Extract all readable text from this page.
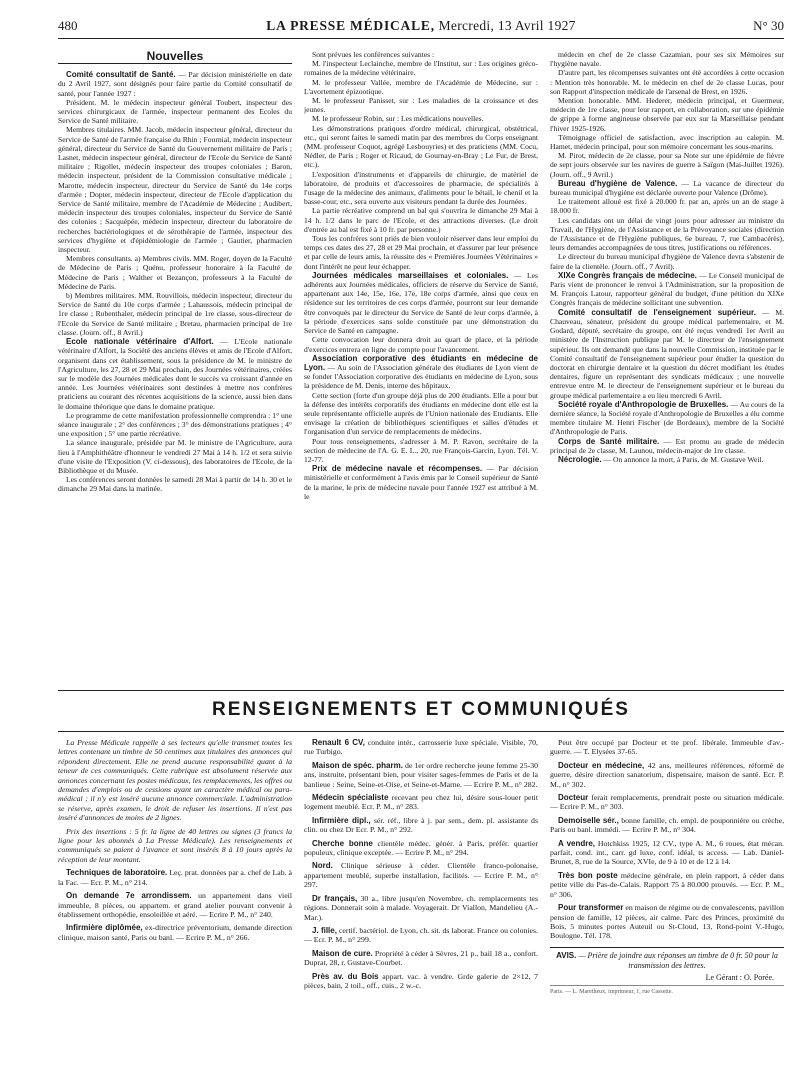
480	LA PRESSE MÉDICALE, Mercredi, 13 Avril 1927	N° 30
Nouvelles

Comité consultatif de Santé. — Par décision ministérielle en date du 2 Avril 1927, sont désignés pour faire partie du Comité consultatif de santé, pour l'année 1927 :

Président. M. le médecin inspecteur général Toubert, inspecteur des services chirurgicaux de l'armée, inspecteur permanent des Ecoles du Service de Santé militaire.

Membres titulaires. MM. Jacob, médecin inspecteur général, directeur du Service de Santé de l'armée française du Rhin ; Fournial, médecin inspecteur général, directeur du Service de Santé du Gouvernement militaire de Paris ; Lasnet, médecin inspecteur général, directeur de l'Ecole du Service de Santé militaire ; Rigollet, médecin inspecteur des troupes coloniales ; Baron, médecin inspecteur, président de la Commission consultative médicale ; Marotte, médecin inspecteur, directeur du Service de Santé du 14e corps d'armée ; Dopter, médecin inspecteur, directeur de l'Ecole d'application du Service de Santé militaire, membre de l'Académie de Médecine ; Audibert, médecin inspecteur des troupes coloniales, inspecteur du Service de Santé des colonies ; Sacquépée, médecin inspecteur, directeur du laboratoire de recherches bactériologiques et de sérothérapie de l'armée, inspecteur des services d'hygiène et d'épidémiologie de l'armée ; Gautier, pharmacien inspecteur.

Membres consultants. a) Membres civils. MM. Roger, doyen de la Faculté de Médecine de Paris ; Quénu, professeur honoraire à la Faculté de Médecine de Paris ; Walther et Bezançon, professeurs à la Faculté de Médecine de Paris.

b) Membres militaires. MM. Rouvillois, médecin inspecteur, directeur du Service de Santé du 10e corps d'armée ; Lahaussois, médecin principal de 1re classe ; Rubenthaler, médecin principal de 1re classe, sous-directeur de l'Ecole du Service de Santé militaire ; Bretau, pharmacien principal de 1re classe. (Journ. off., 8 Avril.)

Ecole nationale vétérinaire d'Alfort. — L'Ecole nationale vétérinaire d'Alfort, la Société des anciens élèves et amis de l'Ecole d'Alfort, organisent dans cet établissement, sous la présidence de M. le ministre de l'Agriculture, les 27, 28 et 29 Mai prochain, des Journées vétérinaires, créées sur le modèle des Journées médicales dont le succès va croissant d'année en année. Les Journées vétérinaires sont destinées à mettre nos confrères praticiens au courant des récentes acquisitions de la science, aussi bien dans le domaine théorique que dans le domaine pratique.

Le programme de cette manifestation professionnelle comprendra : 1° une séance inaugurale ; 2° des conférences ; 3° des démonstrations pratiques ; 4° une exposition ; 5° une partie récréative.

La séance inaugurale, présidée par M. le ministre de l'Agriculture, aura lieu à l'Amphithéâtre d'honneur le vendredi 27 Mai à 14 h. 1/2 et sera suivie d'une visite de l'Exposition (V. ci-dessous), des laboratoires de l'Ecole, de la Bibliothèque et du Musée.

Les conférences seront données le samedi 28 Mai à partir de 14 h. 30 et le dimanche 29 Mai dans la matinée.

Sont prévues les conférences suivantes :

M. l'inspecteur Leclainche, membre de l'Institut, sur : Les origines gréco-romaines de la médecine vétérinaire.

M. le professeur Vallée, membre de l'Académie de Médecine, sur : L'avortement épizootique.

M. le professeur Panisset, sur : Les maladies de la croissance et des jeunes.

M. le professeur Robin, sur : Les médications nouvelles.

Les démonstrations pratiques d'ordre médical, chirurgical, obstétrical, etc., qui seront faites le samedi matin par des membres du Corps enseignant (MM. professeur Coquot, agrégé Lesbouyries) et des praticiens (MM. Cocu, Nédler, de Paris ; Roger et Ricaud, de Gournay-en-Bray ; Le Fur, de Brest, etc.).

L'exposition d'instruments et d'appareils de chirurgie, de matériel de laboratoire, de produits et d'accessoires de pharmacie, de spécialités à l'usage de la médecine des animaux, d'aliments pour le bétail, le chenil et la basse-cour, etc., sera ouverte aux visiteurs pendant la durée des Journées.

La partie récréative comprend un bal qui s'ouvrira le dimanche 29 Mai à 14 h. 1/2 dans le parc de l'Ecole, et des attractions diverses. (Le droit d'entrée au bal est fixé à 10 fr. par personne.)

Tous les confrères sont priés de bien vouloir réserver dans leur emploi du temps ces dates des 27, 28 et 29 Mai prochain, et d'assurer par leur présence et par celle de leurs amis, la réussite des « Premières Journées Vétérinaires » dont l'intérêt ne peut leur échapper.

Journées médicales marseillaises et coloniales. — Les adhérents aux Journées médicales, officiers de réserve du Service de Santé, appartenant aux 14e, 15e, 16e, 17e, 18e corps d'armée, ainsi que ceux en résidence sur les territoires de ces corps d'armée, pourront sur leur demande être convoqués par le directeur du Service de Santé de leur corps d'armée, à la période d'exercices sans solde constituée par une démonstration du Service de Santé en campagne.

Cette convocation leur donnera droit au quart de place, et la période d'exercices entrera en ligne de compte pour l'avancement.

Association corporative des étudiants en médecine de Lyon. — Au soin de l'Association générale des étudiants de Lyon vient de se fonder l'Association corporative des étudiants en médecine de Lyon, sous la présidence de M. Denis, interne des hôpitaux.

Cette section (forte d'un groupe déjà plus de 200 étudiants. Elle a pour but la défense des intérêts corporatifs des étudiants en médecine dont elle est la seule représentante officielle auprès de l'Union nationale des Etudiants. Elle envisage la création de bibliothèques scientifiques et salles d'études et l'organisation d'un service de remplacements de médecins.

Pour tous renseignements, s'adresser à M. P. Ravon, secrétaire de la section de médecine de l'A. G. E. L., 20, rue François-Garcin, Lyon. Tél. V. 12-77.

Prix de médecine navale et récompenses. — Par décision ministérielle et conformément à l'avis émis par le Conseil supérieur de Santé de la marine, le prix de médecine navale pour l'année 1927 est attribué à M. le

médecin en chef de 2e classe Cazamian, pour ses six Mémoires sur l'hygiène navale.

D'autre part, les récompenses suivantes ont été accordées à cette occasion : Mention très honorable. M. le médecin en chef de 2e classe Lucas, pour son Rapport d'inspection médicale de l'arsenal de Brest, en 1926.

Mention honorable. MM. Hederer, médecin principal, et Guermeur, médecin de 1re classe, pour leur rapport, en collaboration, sur une épidémie de grippe à forme angineuse observée par eux sur la Marseillaise pendant l'hiver 1925-1926.

Témoignage officiel de satisfaction, avec inscription au calepin. M. Hamet, médecin principal, pour son mémoire concernant les sous-marins.

M. Pirot, médecin de 2e classe, pour sa Note sur une épidémie de fièvre de sept jours observée sur les navires de guerre à Saïgon (Mai-Juillet 1926). (Journ. off., 9 Avril.)

Bureau d'hygiène de Valence. — La vacance de directeur du bureau municipal d'hygiène est déclarée ouverte pour Valence (Drôme).

Le traitement alloué est fixé à 20.000 fr. par an, après un an de stage à 18.000 fr.

Les candidats ont un délai de vingt jours pour adresser au ministre du Travail, de l'Hygiène, de l'Assistance et de la Prévoyance sociales (direction de l'Assistance et de l'Hygiène publiques, 6e bureau, 7, rue Cambacérès), leurs demandes accompagnées de tous titres, justifications ou références.

Le directeur du bureau municipal d'hygiène de Valence devra s'abstenir de faire de la clientèle. (Journ. off., 7 Avril).

XIXe Congrès français de médecine. — Le Conseil municipal de Paris vient de prononcer le renvoi à l'Administration, sur la proposition de M. François Latour, rapporteur général du budget, d'une pétition du XIXe Congrès français de médecine sollicitant une subvention.

Comité consultatif de l'enseignement supérieur. — M. Chauveau, sénateur, président du groupe médical parlementaire, et M. Godard, député, secrétaire du groupe, ont été reçus vendredi 1er Avril au ministère de l'Instruction publique par M. le directeur de l'enseignement supérieur. Ils ont demandé que dans la nouvelle Commission, instituée par le Comité consultatif de l'enseignement supérieur pour étudier la question du doctorat en chirurgie dentaire et la question du décret modifiant les études dentaires, figure un représentant des syndicats médicaux ; une nouvelle entrevue entre M. le directeur de l'enseignement supérieur et le bureau du groupe médical parlementaire a eu lieu mercredi 6 Avril.

Société royale d'Anthropologie de Bruxelles. — Au cours de la dernière séance, la Société royale d'Anthropologie de Bruxelles a élu comme membre titulaire M. Henri Fischer (de Bordeaux), membre de la Société d'Anthropologie de Paris.

Corps de Santé militaire. — Est promu au grade de médecin principal de 2e classe, M. Launou, médecin-major de 1re classe.

Nécrologie. — On annonce la mort, à Paris, de M. Gustave Weil.

RENSEIGNEMENTS ET COMMUNIQUÉS

La Presse Médicale rappelle à ses lecteurs qu'elle transmet toutes les lettres contenant un timbre de 50 centimes aux titulaires des annonces qui répondent directement. Elle ne prend aucune responsabilité quant à la teneur de ces communiqués. Cette rubrique est absolument réservée aux annonces concernant les postes médicaux, les remplacements, les offres ou demandes d'emplois ou de cessions ayant un caractère médical ou para-médical ; il n'y est inséré aucune annonce commerciale. L'administration se réserve, après examen, le droit de refuser les insertions. Il n'est pas inséré d'annonces de moins de 2 lignes.

Prix des insertions : 5 fr. la ligne de 40 lettres ou signes (3 francs la ligne pour les abonnés à La Presse Médicale). Les renseignements et communiqués se paient à l'avance et sont insérés 8 à 10 jours après la réception de leur montant.

Techniques de laboratoire. Leç. prat. données par a. chef de Lab. à la Fac. — Ecr. P. M., n° 214.

On demande 7e arrondissem. un appartement dans vieil immeuble, 8 pièces, ou appartem. et grand atelier pouvant convenir à établissement orthopédie, ensoleillée et aéré. — Ecrire P. M., n° 240.

Infirmière diplômée, ex-directrice préventorium, demande direction clinique, maison santé, Paris ou banl. — Ecrire P. M., n° 266.

Renault 6 CV, conduite intér., carrosserie luxe spéciale. Visible, 70, rue Turbigo.

Maison de spéc. pharm. de 1er ordre recherche jeune femme 25-30 ans, instruite, présentant bien, pour visiter sages-femmes de Paris et de la banlieue : Seine, Seine-et-Oise, et Seine-et-Marne. — Ecrire P. M., n° 282.

Médecin spécialiste recevant peu chez lui, désire sous-louer petit logement meublé. Ecr. P. M., n° 283.

Infirmière dipl., sér. réf., libre à j. par sem., dem. pl. assistante ds clin. ou chez Dr Ecr. P. M., n° 292.

Cherche bonne clientèle médec. génér. à Paris, préfér. quartier populeux, clinique exceptée. — Ecrire P. M., n° 294.

Nord. Clinique sérieuse à céder. Clientèle franco-polonaise, appartement meublé, superbe installation, facilités. — Ecrire P. M., n° 297.

Dr français, 30 a., libre jusqu'en Novembre, ch. remplacements tes régions. Donnerait soin à malade. Voyagerait. Dr Viallon, Mandelieu (A.-Mar.).

J. fille, certif. bactériol. de Lyon, ch. sit. ds laborat. France ou colonies. — Ecr. P. M., n° 299.

Maison de cure. Propriété à céder à Sèvres, 21 p., bail 18 a., confort. Duprat, 28, r. Gustave-Courbet.

Près av. du Bois appart. vac. à vendre. Grde galerie de 2×12, 7 pièces, bain, 2 toil., off., cuis., 2 w.-c.

Peut être occupé par Docteur et tte prof. libérale. Immeuble d'av.-guerre. — T. Elysées 37-65.

Docteur en médecine, 42 ans, meilleures références, réformé de guerre, désire direction sanatorium, dispensaire, maison de santé. Ecr. P. M., n° 302.

Docteur ferait remplacements, prendrait poste ou situation médicale. — Ecrire P. M., n° 303.

Demoiselle sér., bonne famille, ch. empl. de pouponnière ou crèche, Paris ou banl. immédi. — Ecrire P. M., n° 304.

A vendre, Hotchkiss 1925, 12 CV., type A. M., 6 roues, état mécan. parfait, cond. int., carr. gd luxe, conf. idéal, ts access. — Lab. Daniel-Brunet, 8, rue de la Source, XVIe, de 9 à 10 et de 12 à 14.

Très bon poste médecine générale, en plein rapport, à céder dans petite ville du Pas-de-Calais. Rapport 75 à 80.000 prouvés. — Ecr. P. M., n° 306.

Pour transformer en maison de régime ou de convalescents, pavillon pension de famille, 12 pièces, air calme. Parc des Princes, proximité du Bois, 5 minutes portes Auteuil ou St-Cloud, 13, Rond-point V.-Hugo, Boulogne. Tél. 178.

AVIS. — Prière de joindre aux réponses un timbre de 0 fr. 50 pour la transmission des lettres.
Le Gérant : O. Porée.
Paris. — L. Maretheux, imprimeur, 1, rue Cassette.
